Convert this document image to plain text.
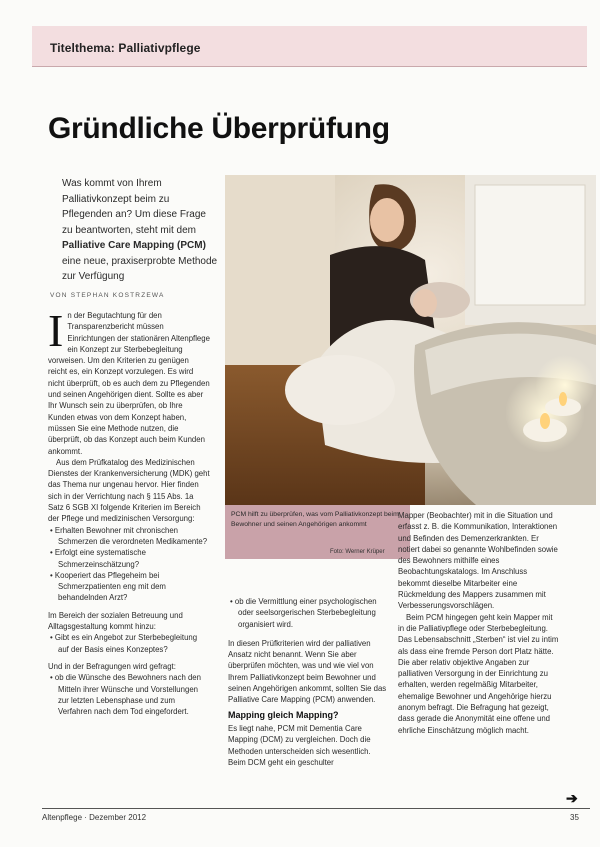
Titelthema: Palliativpflege
Gründliche Überprüfung
Was kommt von Ihrem Palliativkonzept beim zu Pflegenden an? Um diese Frage zu beantworten, steht mit dem Palliative Care Mapping (PCM) eine neue, praxiserprobte Methode zur Verfügung
VON STEPHAN KOSTRZEWA
PCM hilft zu überprüfen, was vom Palliativkonzept beim Bewohner und seinen Angehörigen ankommt
Foto: Werner Krüper

In der Begutachtung für den Transparenzbericht müssen Einrichtungen der stationären Altenpflege ein Konzept zur Sterbebegleitung vorweisen. Um den Kriterien zu genügen reicht es, ein Konzept vorzulegen. Es wird nicht überprüft, ob es auch dem zu Pflegenden und seinen Angehörigen dient. Sollte es aber Ihr Wunsch sein zu überprüfen, ob Ihre Kunden etwas von dem Konzept haben, müssen Sie eine Methode nutzen, die überprüft, ob das Konzept auch beim Kunden ankommt.

Aus dem Prüfkatalog des Medizinischen Dienstes der Krankenversicherung (MDK) geht das Thema nur ungenau hervor. Hier finden sich in der Verrichtung nach § 115 Abs. 1a Satz 6 SGB XI folgende Kriterien im Bereich der Pflege und medizinischen Versorgung:

• Erhalten Bewohner mit chronischen Schmerzen die verordneten Medikamente?
• Erfolgt eine systematische Schmerzeinschätzung?
• Kooperiert das Pflegeheim bei Schmerzpatienten eng mit dem behandelnden Arzt?

Im Bereich der sozialen Betreuung und Alltagsgestaltung kommt hinzu:

• Gibt es ein Angebot zur Sterbebegleitung auf der Basis eines Konzeptes?

Und in der Befragungen wird gefragt:

• ob die Wünsche des Bewohners nach den Mitteln ihrer Wünsche und Vorstellungen zur letzten Lebensphase und zum Verfahren nach dem Tod eingefordert.
• ob die Vermittlung einer psychologischen oder seelsorgerischen Sterbebegleitung organisiert wird.

In diesen Prüfkriterien wird der palliativen Ansatz nicht benannt. Wenn Sie aber überprüfen möchten, was und wie viel von Ihrem Palliativkonzept beim Bewohner und seinen Angehörigen ankommt, sollten Sie das Palliative Care Mapping (PCM) anwenden.

Mapping gleich Mapping?

Es liegt nahe, PCM mit Dementia Care Mapping (DCM) zu vergleichen. Doch die Methoden unterscheiden sich wesentlich. Beim DCM geht ein geschulter

Mapper (Beobachter) mit in die Situation und erfasst z. B. die Kommunikation, Interaktionen und Befinden des Demenzerkrankten. Er notiert dabei so genannte Wohlbefinden sowie des Bewohners mithilfe eines Beobachtungskatalogs. Im Anschluss bekommt dieselbe Mitarbeiter eine Rückmeldung des Mappers zusammen mit Verbesserungsvorschlägen.

Beim PCM hingegen geht kein Mapper mit in die Palliativpflege oder Sterbebegleitung. Das Lebensabschnitt „Sterben“ ist viel zu intim als dass eine fremde Person dort Platz hätte. Die aber relativ objektive Angaben zur palliativen Versorgung in der Einrichtung zu erhalten, werden regelmäßig Mitarbeiter, ehemalige Bewohner und Angehörige hierzu anonym befragt. Die Befragung hat gezeigt, dass gerade die Anonymität eine offene und ehrliche Einschätzung möglich macht.

➔
Altenpflege · Dezember 2012	35
